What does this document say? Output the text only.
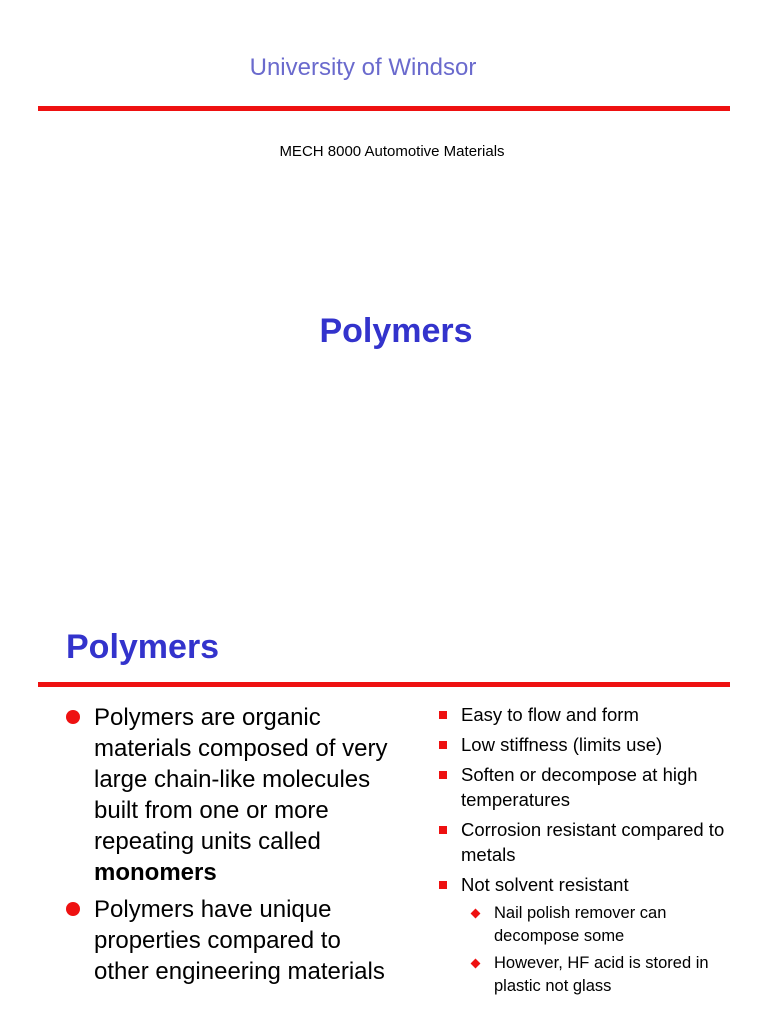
University of Windsor
MECH 8000 Automotive Materials
Polymers
Polymers
Polymers are organic materials composed of very large chain-like molecules built from one or more repeating units called monomers
Polymers have unique properties compared to other engineering materials
Easy to flow and form
Low stiffness (limits use)
Soften or decompose at high temperatures
Corrosion resistant compared to metals
Not solvent resistant
Nail polish remover can decompose some
However, HF acid is stored in plastic not glass
